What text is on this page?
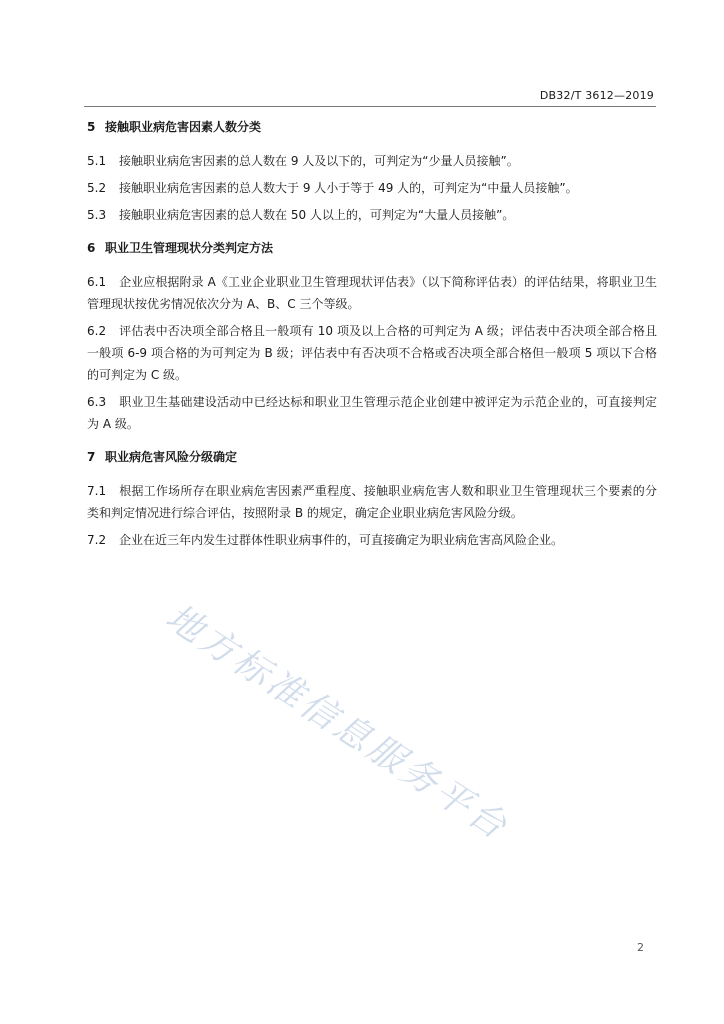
DB32/T 3612—2019
5 接触职业病危害因素人数分类

5.1 接触职业病危害因素的总人数在 9 人及以下的，可判定为“少量人员接触”。

5.2 接触职业病危害因素的总人数大于 9 人小于等于 49 人的，可判定为“中量人员接触”。

5.3 接触职业病危害因素的总人数在 50 人以上的，可判定为“大量人员接触”。

6 职业卫生管理现状分类判定方法

6.1 企业应根据附录 A《工业企业职业卫生管理现状评估表》（以下简称评估表）的评估结果，将职业卫生管理现状按优劣情况依次分为 A、B、C 三个等级。

6.2 评估表中否决项全部合格且一般项有 10 项及以上合格的可判定为 A 级；评估表中否决项全部合格且一般项 6-9 项合格的为可判定为 B 级；评估表中有否决项不合格或否决项全部合格但一般项 5 项以下合格的可判定为 C 级。

6.3 职业卫生基础建设活动中已经达标和职业卫生管理示范企业创建中被评定为示范企业的，可直接判定为 A 级。

7 职业病危害风险分级确定

7.1 根据工作场所存在职业病危害因素严重程度、接触职业病危害人数和职业卫生管理现状三个要素的分类和判定情况进行综合评估，按照附录 B 的规定，确定企业职业病危害风险分级。

7.2 企业在近三年内发生过群体性职业病事件的，可直接确定为职业病危害高风险企业。

地方标准信息服务平台
2
